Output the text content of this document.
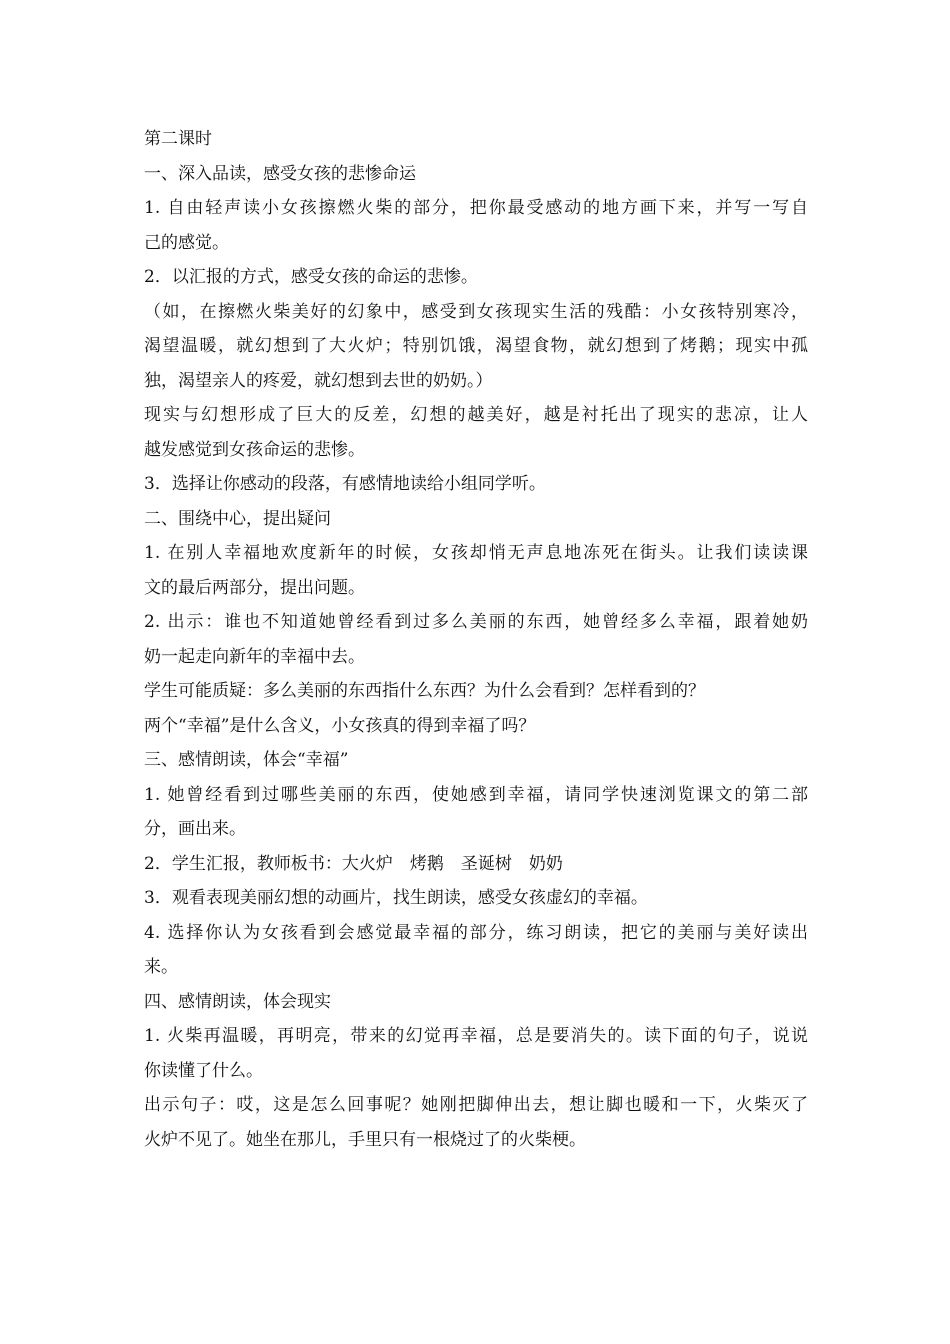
第二课时
一、深入品读，感受女孩的悲惨命运
1. 自由轻声读小女孩擦燃火柴的部分，把你最受感动的地方画下来，并写一写自
己的感觉。
2．以汇报的方式，感受女孩的命运的悲惨。
（如，在擦燃火柴美好的幻象中，感受到女孩现实生活的残酷：小女孩特别寒冷，
渴望温暖，就幻想到了大火炉；特别饥饿，渴望食物，就幻想到了烤鹅；现实中孤
独，渴望亲人的疼爱，就幻想到去世的奶奶。）
现实与幻想形成了巨大的反差，幻想的越美好，越是衬托出了现实的悲凉，让人
越发感觉到女孩命运的悲惨。
3．选择让你感动的段落，有感情地读给小组同学听。
二、围绕中心，提出疑问
1. 在别人幸福地欢度新年的时候，女孩却悄无声息地冻死在街头。让我们读读课
文的最后两部分，提出问题。
2. 出示：谁也不知道她曾经看到过多么美丽的东西，她曾经多么幸福，跟着她奶
奶一起走向新年的幸福中去。
学生可能质疑：多么美丽的东西指什么东西？为什么会看到？怎样看到的？
两个“幸福”是什么含义，小女孩真的得到幸福了吗？
三、感情朗读，体会“幸福”
1. 她曾经看到过哪些美丽的东西，使她感到幸福，请同学快速浏览课文的第二部
分，画出来。
2．学生汇报，教师板书：大火炉　烤鹅　圣诞树　奶奶
3．观看表现美丽幻想的动画片，找生朗读，感受女孩虚幻的幸福。
4. 选择你认为女孩看到会感觉最幸福的部分，练习朗读，把它的美丽与美好读出
来。
四、感情朗读，体会现实
1. 火柴再温暖，再明亮，带来的幻觉再幸福，总是要消失的。读下面的句子，说说
你读懂了什么。
出示句子：哎，这是怎么回事呢？她刚把脚伸出去，想让脚也暖和一下，火柴灭了
火炉不见了。她坐在那儿，手里只有一根烧过了的火柴梗。
